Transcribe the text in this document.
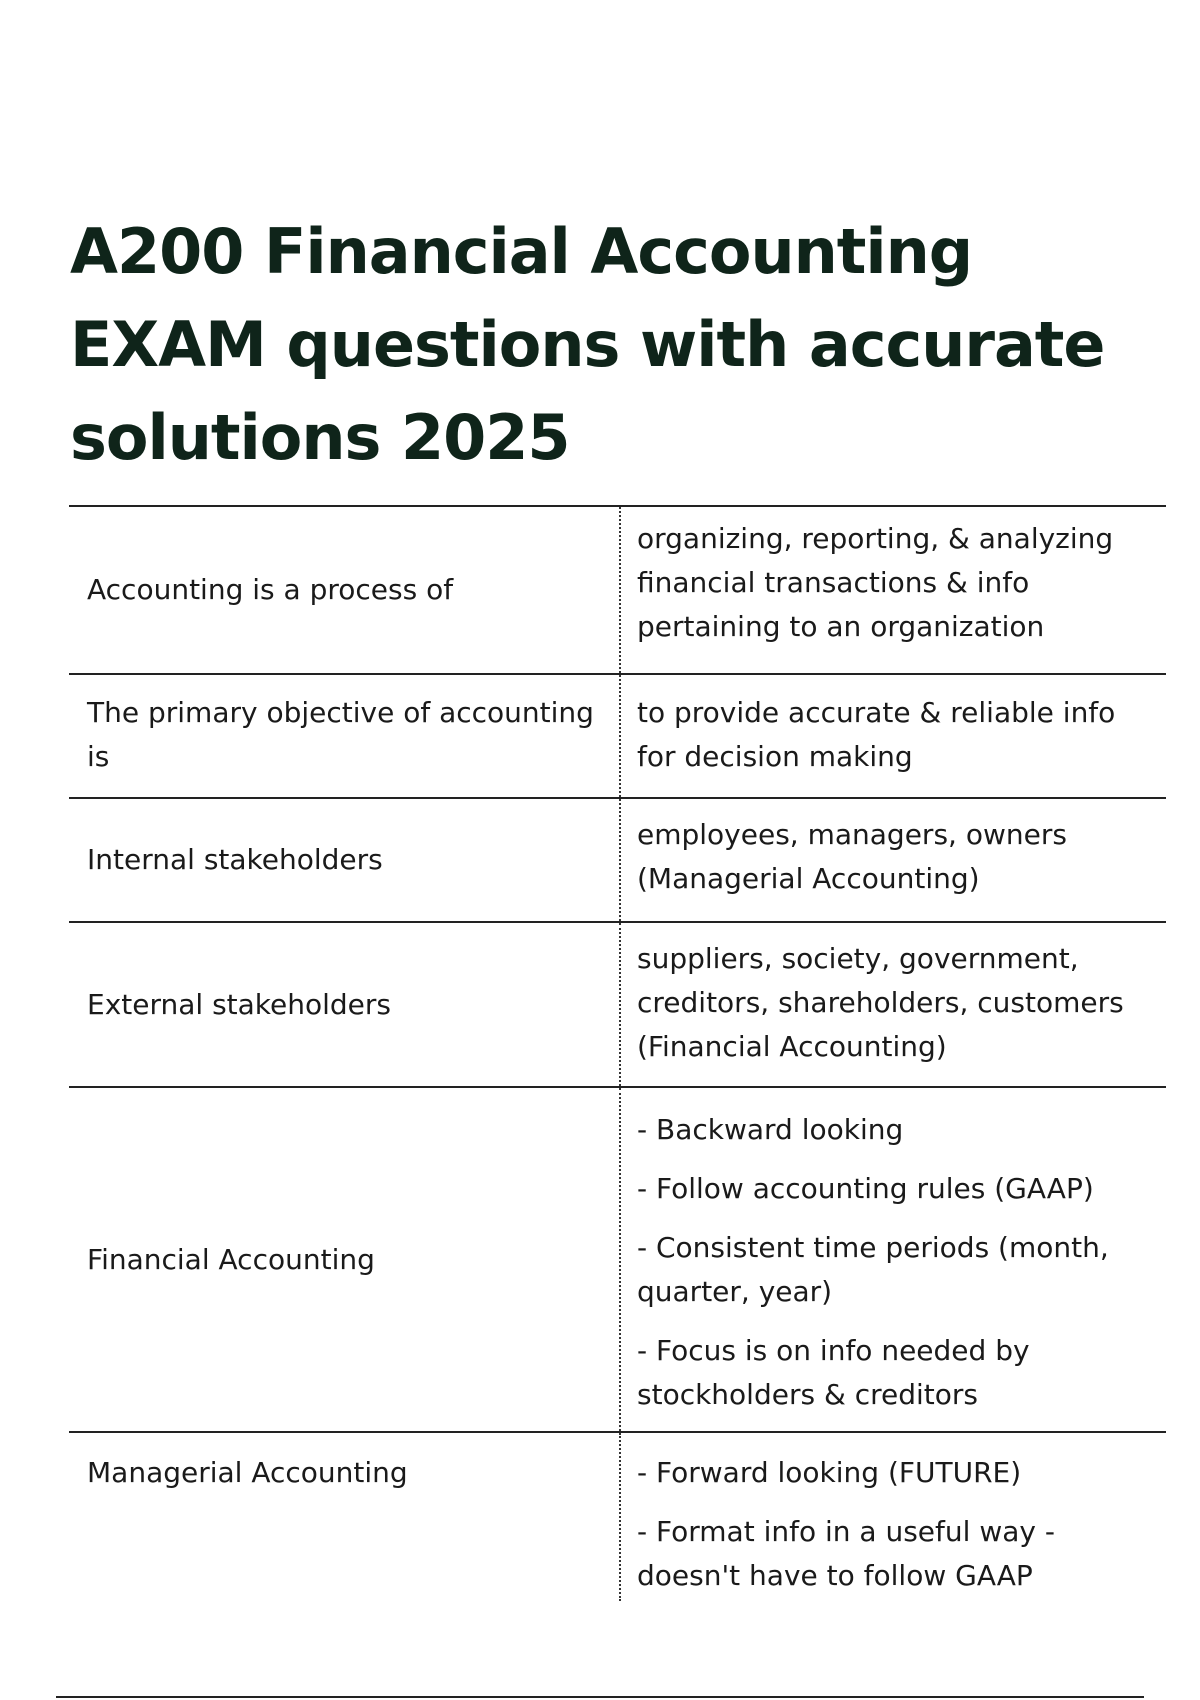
A200 Financial Accounting EXAM questions with accurate solutions 2025
Accounting is a process of

organizing, reporting, & analyzing financial transactions & info pertaining to an organization

The primary objective of accounting is

to provide accurate & reliable info for decision making

Internal stakeholders

employees, managers, owners (Managerial Accounting)

External stakeholders

suppliers, society, government, creditors, shareholders, customers (Financial Accounting)

Financial Accounting

- Backward looking

- Follow accounting rules (GAAP)

- Consistent time periods (month, quarter, year)

- Focus is on info needed by stockholders & creditors

Managerial Accounting	- Forward looking (FUTURE)

- Format info in a useful way - doesn't have to follow GAAP
